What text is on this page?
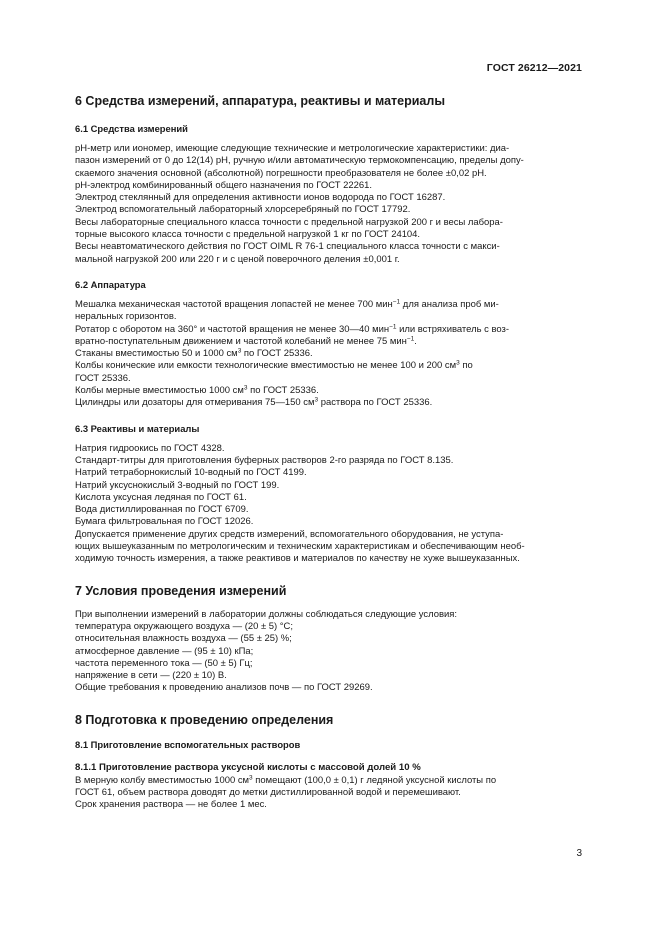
ГОСТ 26212—2021
6 Средства измерений, аппаратура, реактивы и материалы
6.1 Средства измерений
рН-метр или иономер, имеющие следующие технические и метрологические характеристики: диа-
пазон измерений от 0 до 12(14) рН, ручную и/или автоматическую термокомпенсацию, пределы допу-
скаемого значения основной (абсолютной) погрешности преобразователя не более ±0,02 рН.
рН-электрод комбинированный общего назначения по ГОСТ 22261.
Электрод стеклянный для определения активности ионов водорода по ГОСТ 16287.
Электрод вспомогательный лабораторный хлорсеребряный по ГОСТ 17792.
Весы лабораторные специального класса точности с предельной нагрузкой 200 г и весы лабора-
торные высокого класса точности с предельной нагрузкой 1 кг по ГОСТ 24104.
Весы неавтоматического действия по ГОСТ OIML R 76-1 специального класса точности с макси-
мальной нагрузкой 200 или 220 г и с ценой поверочного деления ±0,001 г.
6.2 Аппаратура
Мешалка механическая частотой вращения лопастей не менее 700 мин$^{-1}$ для анализа проб ми-
неральных горизонтов.
Ротатор с оборотом на 360° и частотой вращения не менее 30—40 мин$^{-1}$ или встряхиватель с воз-
вратно-поступательным движением и частотой колебаний не менее 75 мин$^{-1}$.
Стаканы вместимостью 50 и 1000 $см^3$ по ГОСТ 25336.
Колбы конические или емкости технологические вместимостью не менее 100 и 200 $см^3$ по
ГОСТ 25336.
Колбы мерные вместимостью 1000 $см^3$ по ГОСТ 25336.
Цилиндры или дозаторы для отмеривания 75—150 $см^3$ раствора по ГОСТ 25336.
6.3 Реактивы и материалы
Натрия гидроокись по ГОСТ 4328.
Стандарт-титры для приготовления буферных растворов 2-го разряда по ГОСТ 8.135.
Натрий тетраборнокислый 10-водный по ГОСТ 4199.
Натрий уксуснокислый 3-водный по ГОСТ 199.
Кислота уксусная ледяная по ГОСТ 61.
Вода дистиллированная по ГОСТ 6709.
Бумага фильтровальная по ГОСТ 12026.
Допускается применение других средств измерений, вспомогательного оборудования, не уступа-
ющих вышеуказанным по метрологическим и техническим характеристикам и обеспечивающим необ-
ходимую точность измерения, а также реактивов и материалов по качеству не хуже вышеуказанных.
7 Условия проведения измерений
При выполнении измерений в лаборатории должны соблюдаться следующие условия:
температура окружающего воздуха — (20 ± 5) °С;
относительная влажность воздуха — (55 ± 25) %;
атмосферное давление — (95 ± 10) кПа;
частота переменного тока — (50 ± 5) Гц;
напряжение в сети — (220 ± 10) В.
Общие требования к проведению анализов почв — по ГОСТ 29269.
8 Подготовка к проведению определения
8.1 Приготовление вспомогательных растворов
8.1.1 Приготовление раствора уксусной кислоты с массовой долей 10 %
В мерную колбу вместимостью 1000 $см^3$ помещают (100,0 ± 0,1) г ледяной уксусной кислоты по
ГОСТ 61, объем раствора доводят до метки дистиллированной водой и перемешивают.
Срок хранения раствора — не более 1 мес.
3
